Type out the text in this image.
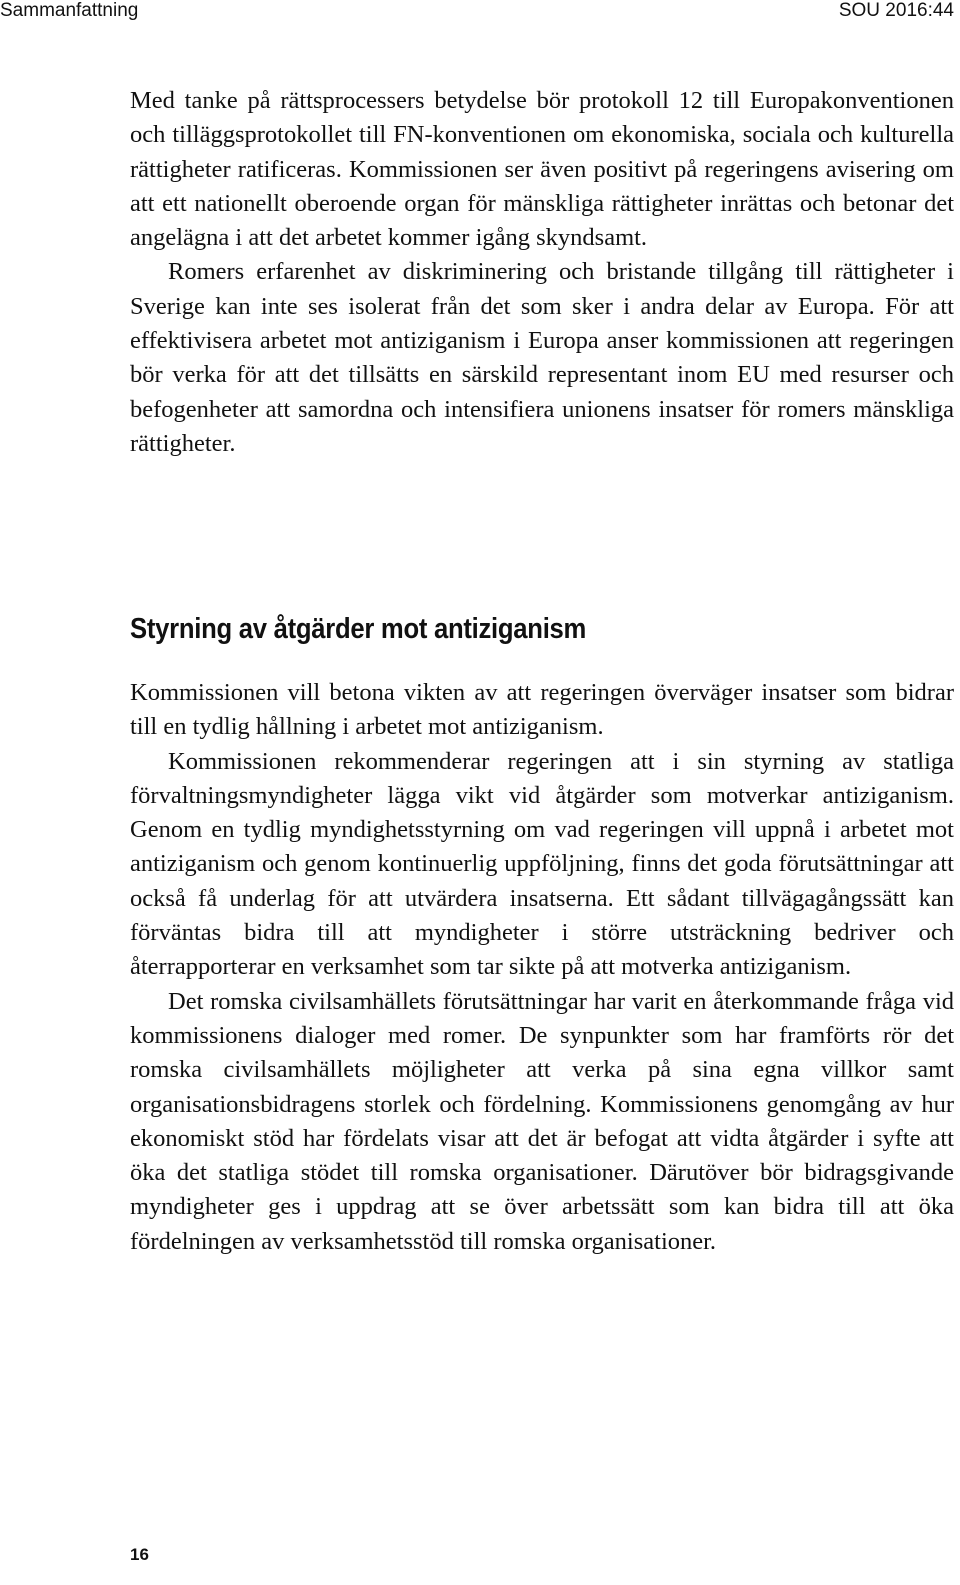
Sammanfattning	SOU 2016:44

Med tanke på rättsprocessers betydelse bör protokoll 12 till Europakonventionen och tilläggsprotokollet till FN-konventionen om ekonomiska, sociala och kulturella rättigheter ratificeras. Kommissionen ser även positivt på regeringens avisering om att ett nationellt oberoende organ för mänskliga rättigheter inrättas och betonar det angelägna i att det arbetet kommer igång skyndsamt.

Romers erfarenhet av diskriminering och bristande tillgång till rättigheter i Sverige kan inte ses isolerat från det som sker i andra delar av Europa. För att effektivisera arbetet mot antiziganism i Europa anser kommissionen att regeringen bör verka för att det tillsätts en särskild representant inom EU med resurser och befogenheter att samordna och intensifiera unionens insatser för romers mänskliga rättigheter.

Styrning av åtgärder mot antiziganism

Kommissionen vill betona vikten av att regeringen överväger insatser som bidrar till en tydlig hållning i arbetet mot antiziganism.

Kommissionen rekommenderar regeringen att i sin styrning av statliga förvaltningsmyndigheter lägga vikt vid åtgärder som motverkar antiziganism. Genom en tydlig myndighetsstyrning om vad regeringen vill uppnå i arbetet mot antiziganism och genom kontinuerlig uppföljning, finns det goda förutsättningar att också få underlag för att utvärdera insatserna. Ett sådant tillvägagångssätt kan förväntas bidra till att myndigheter i större utsträckning bedriver och återrapporterar en verksamhet som tar sikte på att motverka antiziganism.

Det romska civilsamhällets förutsättningar har varit en återkommande fråga vid kommissionens dialoger med romer. De synpunkter som har framförts rör det romska civilsamhällets möjligheter att verka på sina egna villkor samt organisationsbidragens storlek och fördelning. Kommissionens genomgång av hur ekonomiskt stöd har fördelats visar att det är befogat att vidta åtgärder i syfte att öka det statliga stödet till romska organisationer. Därutöver bör bidragsgivande myndigheter ges i uppdrag att se över arbetssätt som kan bidra till att öka fördelningen av verksamhetsstöd till romska organisationer.

16
